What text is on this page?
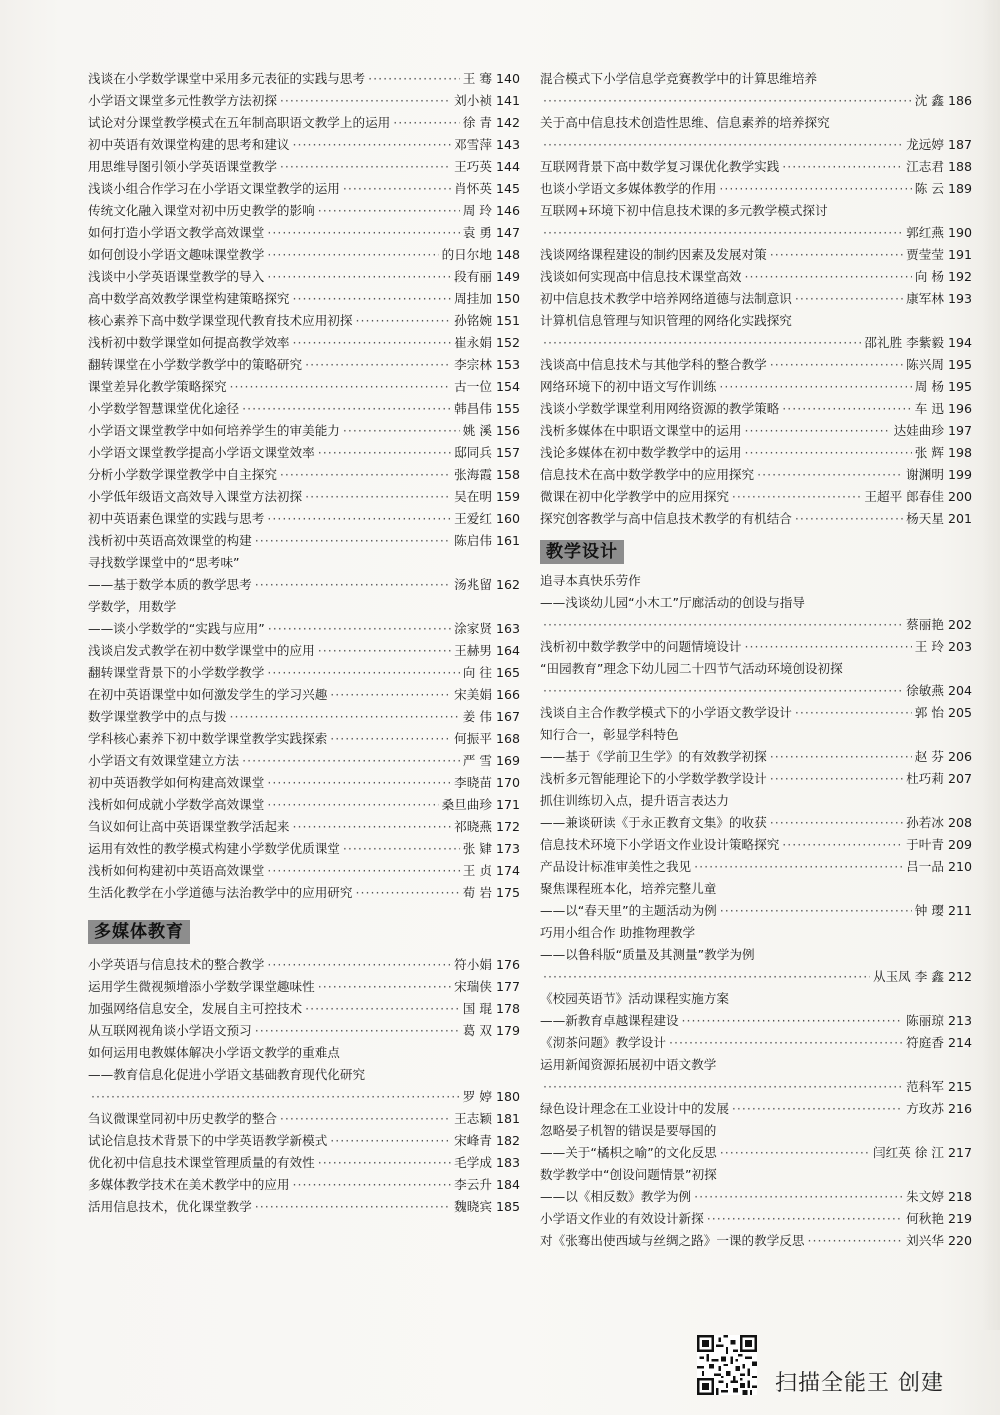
浅谈在小学数学课堂中采用多元表征的实践与思考 ·····	王 骞 140
小学语文课堂多元性教学方法初探 ·····	刘小祯 141
试论对分课堂教学模式在五年制高职语文教学上的运用 ·····	徐 青 142
初中英语有效课堂构建的思考和建议 ·····	邓雪萍 143
用思维导图引领小学英语课堂教学 ·····	王巧英 144
浅谈小组合作学习在小学语文课堂教学的运用 ·····	肖怀英 145
传统文化融入课堂对初中历史教学的影响 ·····	周 玲 146
如何打造小学语文教学高效课堂 ·····	袁 勇 147
如何创设小学语文趣味课堂教学 ·····	的日尔地 148
浅谈中小学英语课堂教学的导入 ·····	段有丽 149
高中数学高效教学课堂构建策略探究 ·····	周挂加 150
核心素养下高中数学课堂现代教育技术应用初探 ·····	孙铭婉 151
浅析初中数学课堂如何提高教学效率 ·····	崔永娟 152
翻转课堂在小学数学教学中的策略研究 ·····	李宗林 153
课堂差异化教学策略探究 ·····	古一位 154
小学数学智慧课堂优化途径 ·····	韩昌伟 155
小学语文课堂教学中如何培养学生的审美能力 ·····	姚 溪 156
小学语文课堂教学提高小学语文课堂效率 ·····	邸同兵 157
分析小学数学课堂教学中自主探究 ·····	张海霞 158
小学低年级语文高效导入课堂方法初探 ·····	吴在明 159
初中英语素色课堂的实践与思考 ·····	王爱红 160
浅析初中英语高效课堂的构建 ·····	陈启伟 161
寻找数学课堂中的“思考味”
——基于数学本质的教学思考 ·····	汤兆留 162
学数学，用数学
——谈小学数学的“实践与应用” ·····	涂家贤 163
浅谈启发式教学在初中数学课堂中的应用 ·····	王赫男 164
翻转课堂背景下的小学数学教学 ·····	向 往 165
在初中英语课堂中如何激发学生的学习兴趣 ·····	宋美娟 166
数学课堂教学中的点与拨 ·····	姜 伟 167
学科核心素养下初中数学课堂教学实践探索 ·····	何振平 168
小学语文有效课堂建立方法 ·····	严 雪 169
初中英语教学如何构建高效课堂 ·····	李晓苗 170
浅析如何成就小学数学高效课堂 ·····	桑旦曲珍 171
刍议如何让高中英语课堂教学活起来 ·····	祁晓燕 172
运用有效性的教学模式构建小学数学优质课堂 ·····	张 肄 173
浅析如何构建初中英语高效课堂 ·····	王 贞 174
生活化教学在小学道德与法治教学中的应用研究 ·····	荀 岩 175
多媒体教育
小学英语与信息技术的整合教学 ·····	符小娟 176
运用学生微视频增添小学数学课堂趣味性 ·····	宋瑞侠 177
加强网络信息安全，发展自主可控技术 ·····	国 琨 178
从互联网视角谈小学语文预习 ·····	葛 双 179
如何运用电教媒体解决小学语文教学的重难点
——教育信息化促进小学语文基础教育现代化研究
·····
罗 婷 180
刍议微课堂同初中历史教学的整合 ·····	王志颖 181
试论信息技术背景下的中学英语教学新模式 ·····	宋峰青 182
优化初中信息技术课堂管理质量的有效性 ·····	毛学成 183
多媒体教学技术在美术教学中的应用 ·····	李云升 184
活用信息技术，优化课堂教学 ·····	魏晓宾 185
混合模式下小学信息学竞赛教学中的计算思维培养
·····
沈 鑫 186
关于高中信息技术创造性思维、信息素养的培养探究
·····
龙远婷 187
互联网背景下高中数学复习课优化教学实践 ·····	江志君 188
也谈小学语文多媒体教学的作用 ·····	陈 云 189
互联网+环境下初中信息技术课的多元教学模式探讨
·····
郭红燕 190
浅谈网络课程建设的制约因素及发展对策 ·····	贾莹莹 191
浅谈如何实现高中信息技术课堂高效 ·····	向 杨 192
初中信息技术教学中培养网络道德与法制意识 ·····	康军林 193
计算机信息管理与知识管理的网络化实践探究
·····
邵礼胜 李紫毅 194
浅谈高中信息技术与其他学科的整合教学 ·····	陈兴周 195
网络环境下的初中语文写作训练 ·····	周 杨 195
浅谈小学数学课堂利用网络资源的教学策略 ·····	车 迅 196
浅析多媒体在中职语文课堂中的运用 ·····	达娃曲珍 197
浅论多媒体在初中数学教学中的运用 ·····	张 辉 198
信息技术在高中数学教学中的应用探究 ·····	谢渊明 199
微课在初中化学教学中的应用探究 ·····	王超平 郎春佳 200
探究创客教学与高中信息技术教学的有机结合 ·····	杨天星 201
教学设计
追寻本真快乐劳作
——浅谈幼儿园“小木工”厅廊活动的创设与指导
·····
蔡丽艳 202
浅析初中数学教学中的问题情境设计 ·····	王 玲 203
“田园教育”理念下幼儿园二十四节气活动环境创设初探
·····
徐敏燕 204
浅谈自主合作教学模式下的小学语文教学设计 ·····	郭 怡 205
知行合一，彰显学科特色
——基于《学前卫生学》的有效教学初探 ·····	赵 芬 206
浅析多元智能理论下的小学数学教学设计 ·····	杜巧莉 207
抓住训练切入点，提升语言表达力
——兼谈研读《于永正教育文集》的收获 ·····	孙若冰 208
信息技术环境下小学语文作业设计策略探究 ·····	于叶青 209
产品设计标准审美性之我见 ·····	吕一品 210
聚焦课程班本化，培养完整儿童
——以“春天里”的主题活动为例 ·····	钟 璎 211
巧用小组合作 助推物理教学
——以鲁科版“质量及其测量”教学为例
·····
从玉凤 李 鑫 212
《校园英语节》活动课程实施方案
——新教育卓越课程建设 ·····	陈丽琼 213
《沏茶问题》教学设计 ·····	符庭香 214
运用新闻资源拓展初中语文教学
·····
范科军 215
绿色设计理念在工业设计中的发展 ·····	方玫苏 216
忽略晏子机智的错误是要辱国的
——关于“橘枳之喻”的文化反思 ·····	闫红英 徐 江 217
数学教学中“创设问题情景”初探
——以《相反数》教学为例 ·····	朱文婷 218
小学语文作业的有效设计新探 ·····	何秋艳 219
对《张骞出使西域与丝绸之路》一课的教学反思 ·····	刘兴华 220
扫描全能王 创建
